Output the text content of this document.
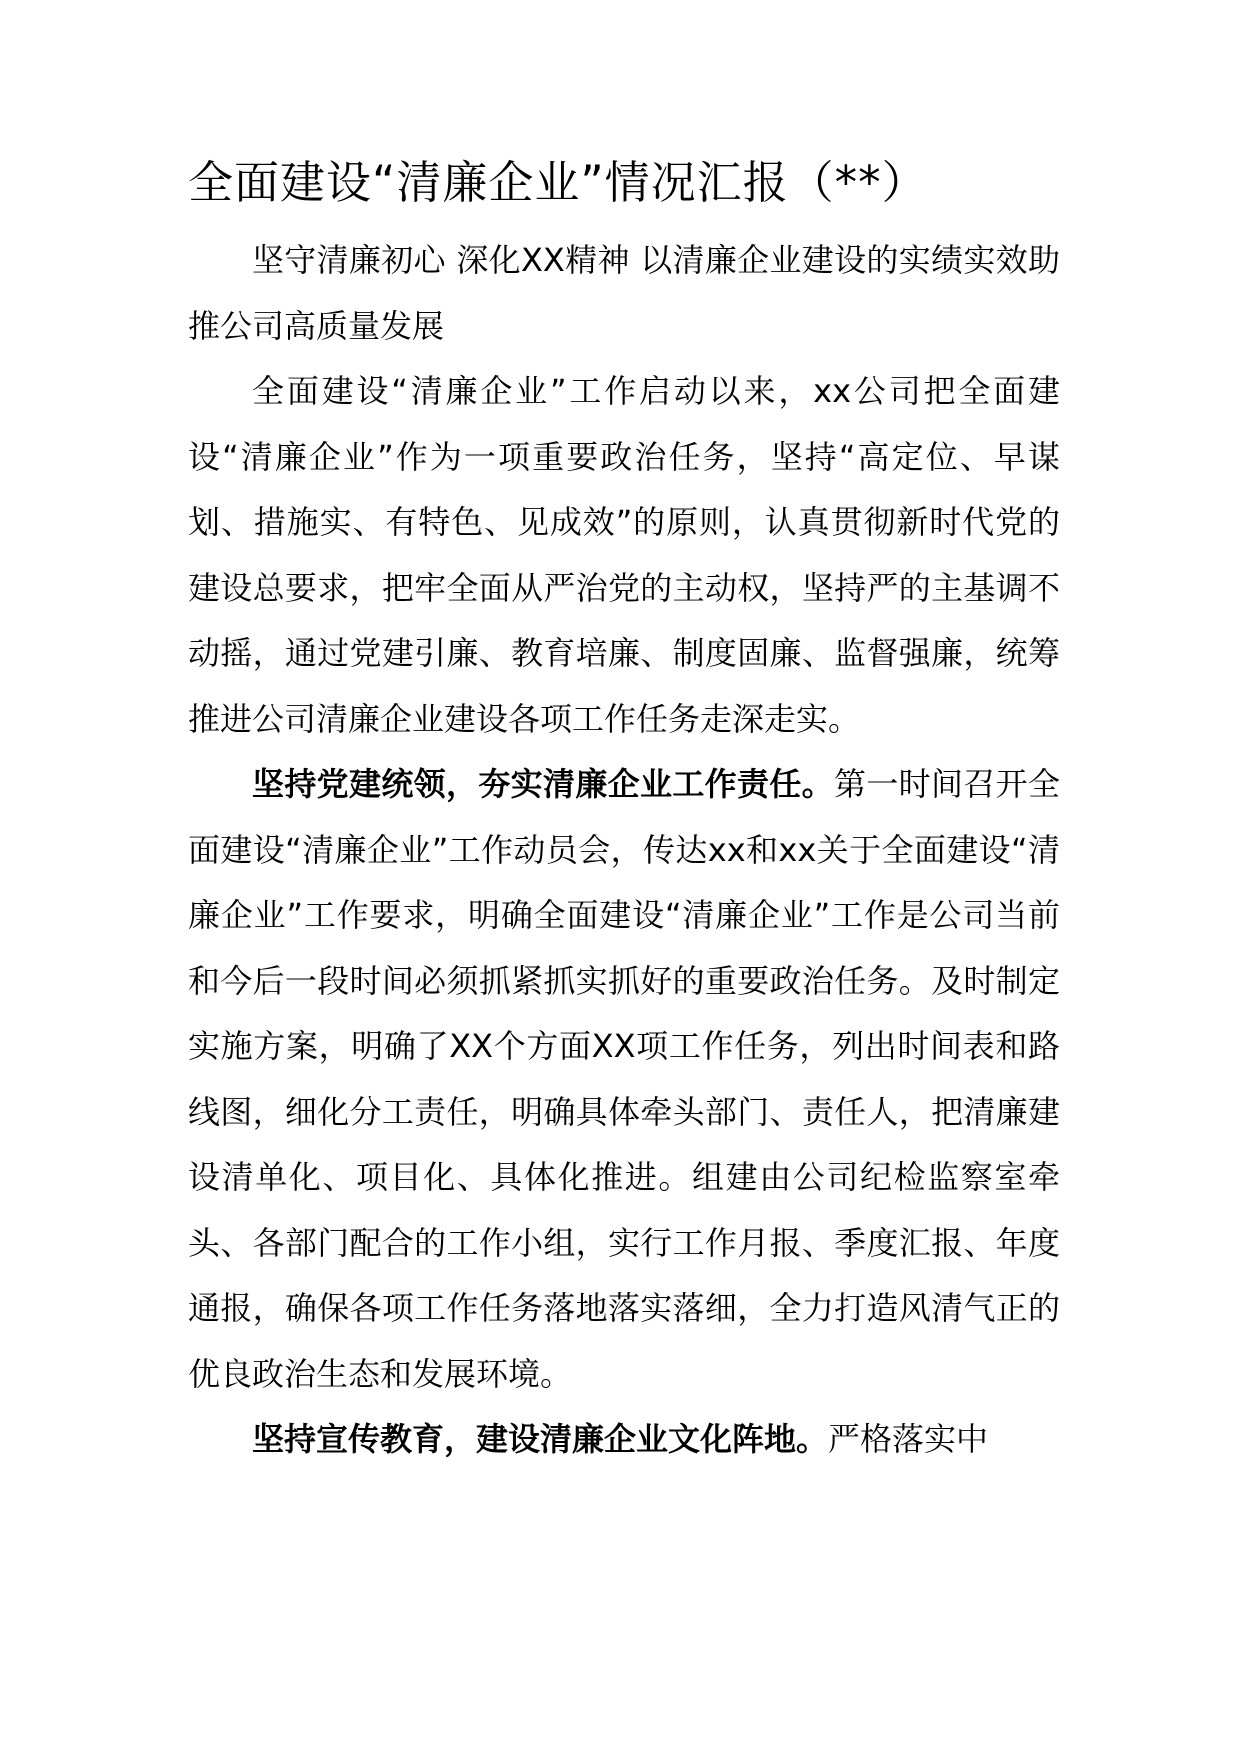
全面建设“清廉企业”情况汇报（**）

坚守清廉初心 深化XX精神 以清廉企业建设的实绩实效助推公司高质量发展

全面建设“清廉企业”工作启动以来，xx公司把全面建设“清廉企业”作为一项重要政治任务，坚持“高定位、早谋划、措施实、有特色、见成效”的原则，认真贯彻新时代党的建设总要求，把牢全面从严治党的主动权，坚持严的主基调不动摇，通过党建引廉、教育培廉、制度固廉、监督强廉，统筹推进公司清廉企业建设各项工作任务走深走实。

坚持党建统领，夯实清廉企业工作责任。第一时间召开全面建设“清廉企业”工作动员会，传达xx和xx关于全面建设“清廉企业”工作要求，明确全面建设“清廉企业”工作是公司当前和今后一段时间必须抓紧抓实抓好的重要政治任务。及时制定实施方案，明确了XX个方面XX项工作任务，列出时间表和路线图，细化分工责任，明确具体牵头部门、责任人，把清廉建设清单化、项目化、具体化推进。组建由公司纪检监察室牵头、各部门配合的工作小组，实行工作月报、季度汇报、年度通报，确保各项工作任务落地落实落细，全力打造风清气正的优良政治生态和发展环境。

坚持宣传教育，建设清廉企业文化阵地。严格落实中
